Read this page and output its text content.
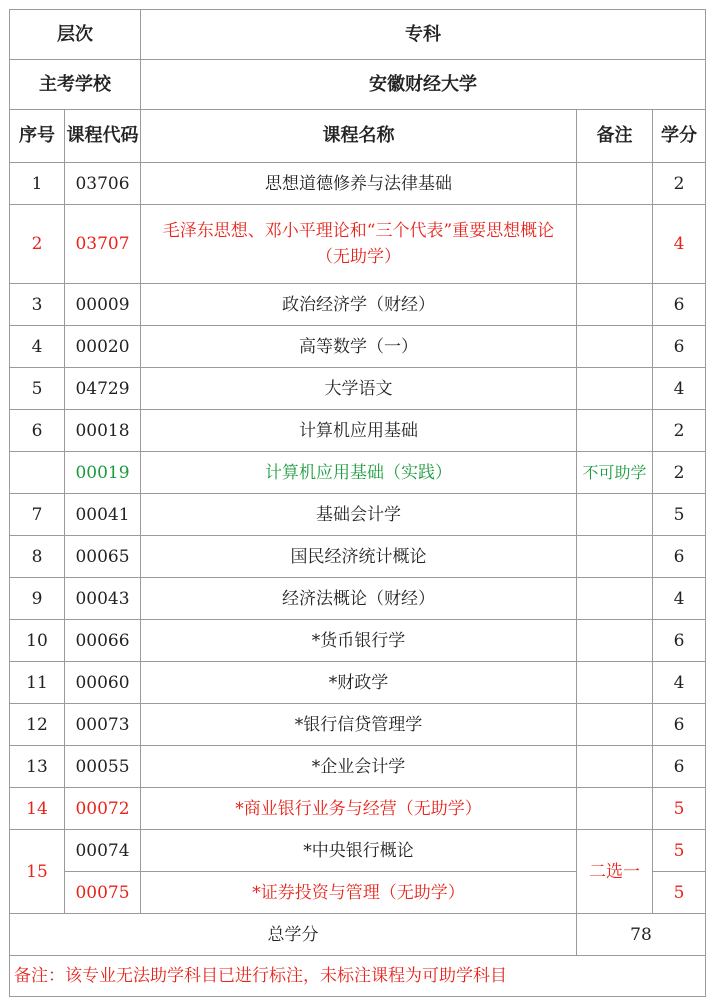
层次		专科		
主考学校		安徽财经大学		
序号	课程代码	课程名称	备注	学分
1	03706	思想道德修养与法律基础		2
2	03707	毛泽东思想、邓小平理论和“三个代表”重要思想概论（无助学）		4
3	00009	政治经济学（财经）		6
4	00020	高等数学（一）		6
5	04729	大学语文		4
6	00018	计算机应用基础		2
	00019	计算机应用基础（实践）	不可助学	2
7	00041	基础会计学		5
8	00065	国民经济统计概论		6
9	00043	经济法概论（财经）		4
10	00066	*货币银行学		6
11	00060	*财政学		4
12	00073	*银行信贷管理学		6
13	00055	*企业会计学		6
14	00072	*商业银行业务与经营（无助学）		5
15	00074	*中央银行概论	二选一	5
	00075	*证券投资与管理（无助学）		5
总学分			78	
备注：该专业无法助学科目已进行标注，未标注课程为可助学科目				
